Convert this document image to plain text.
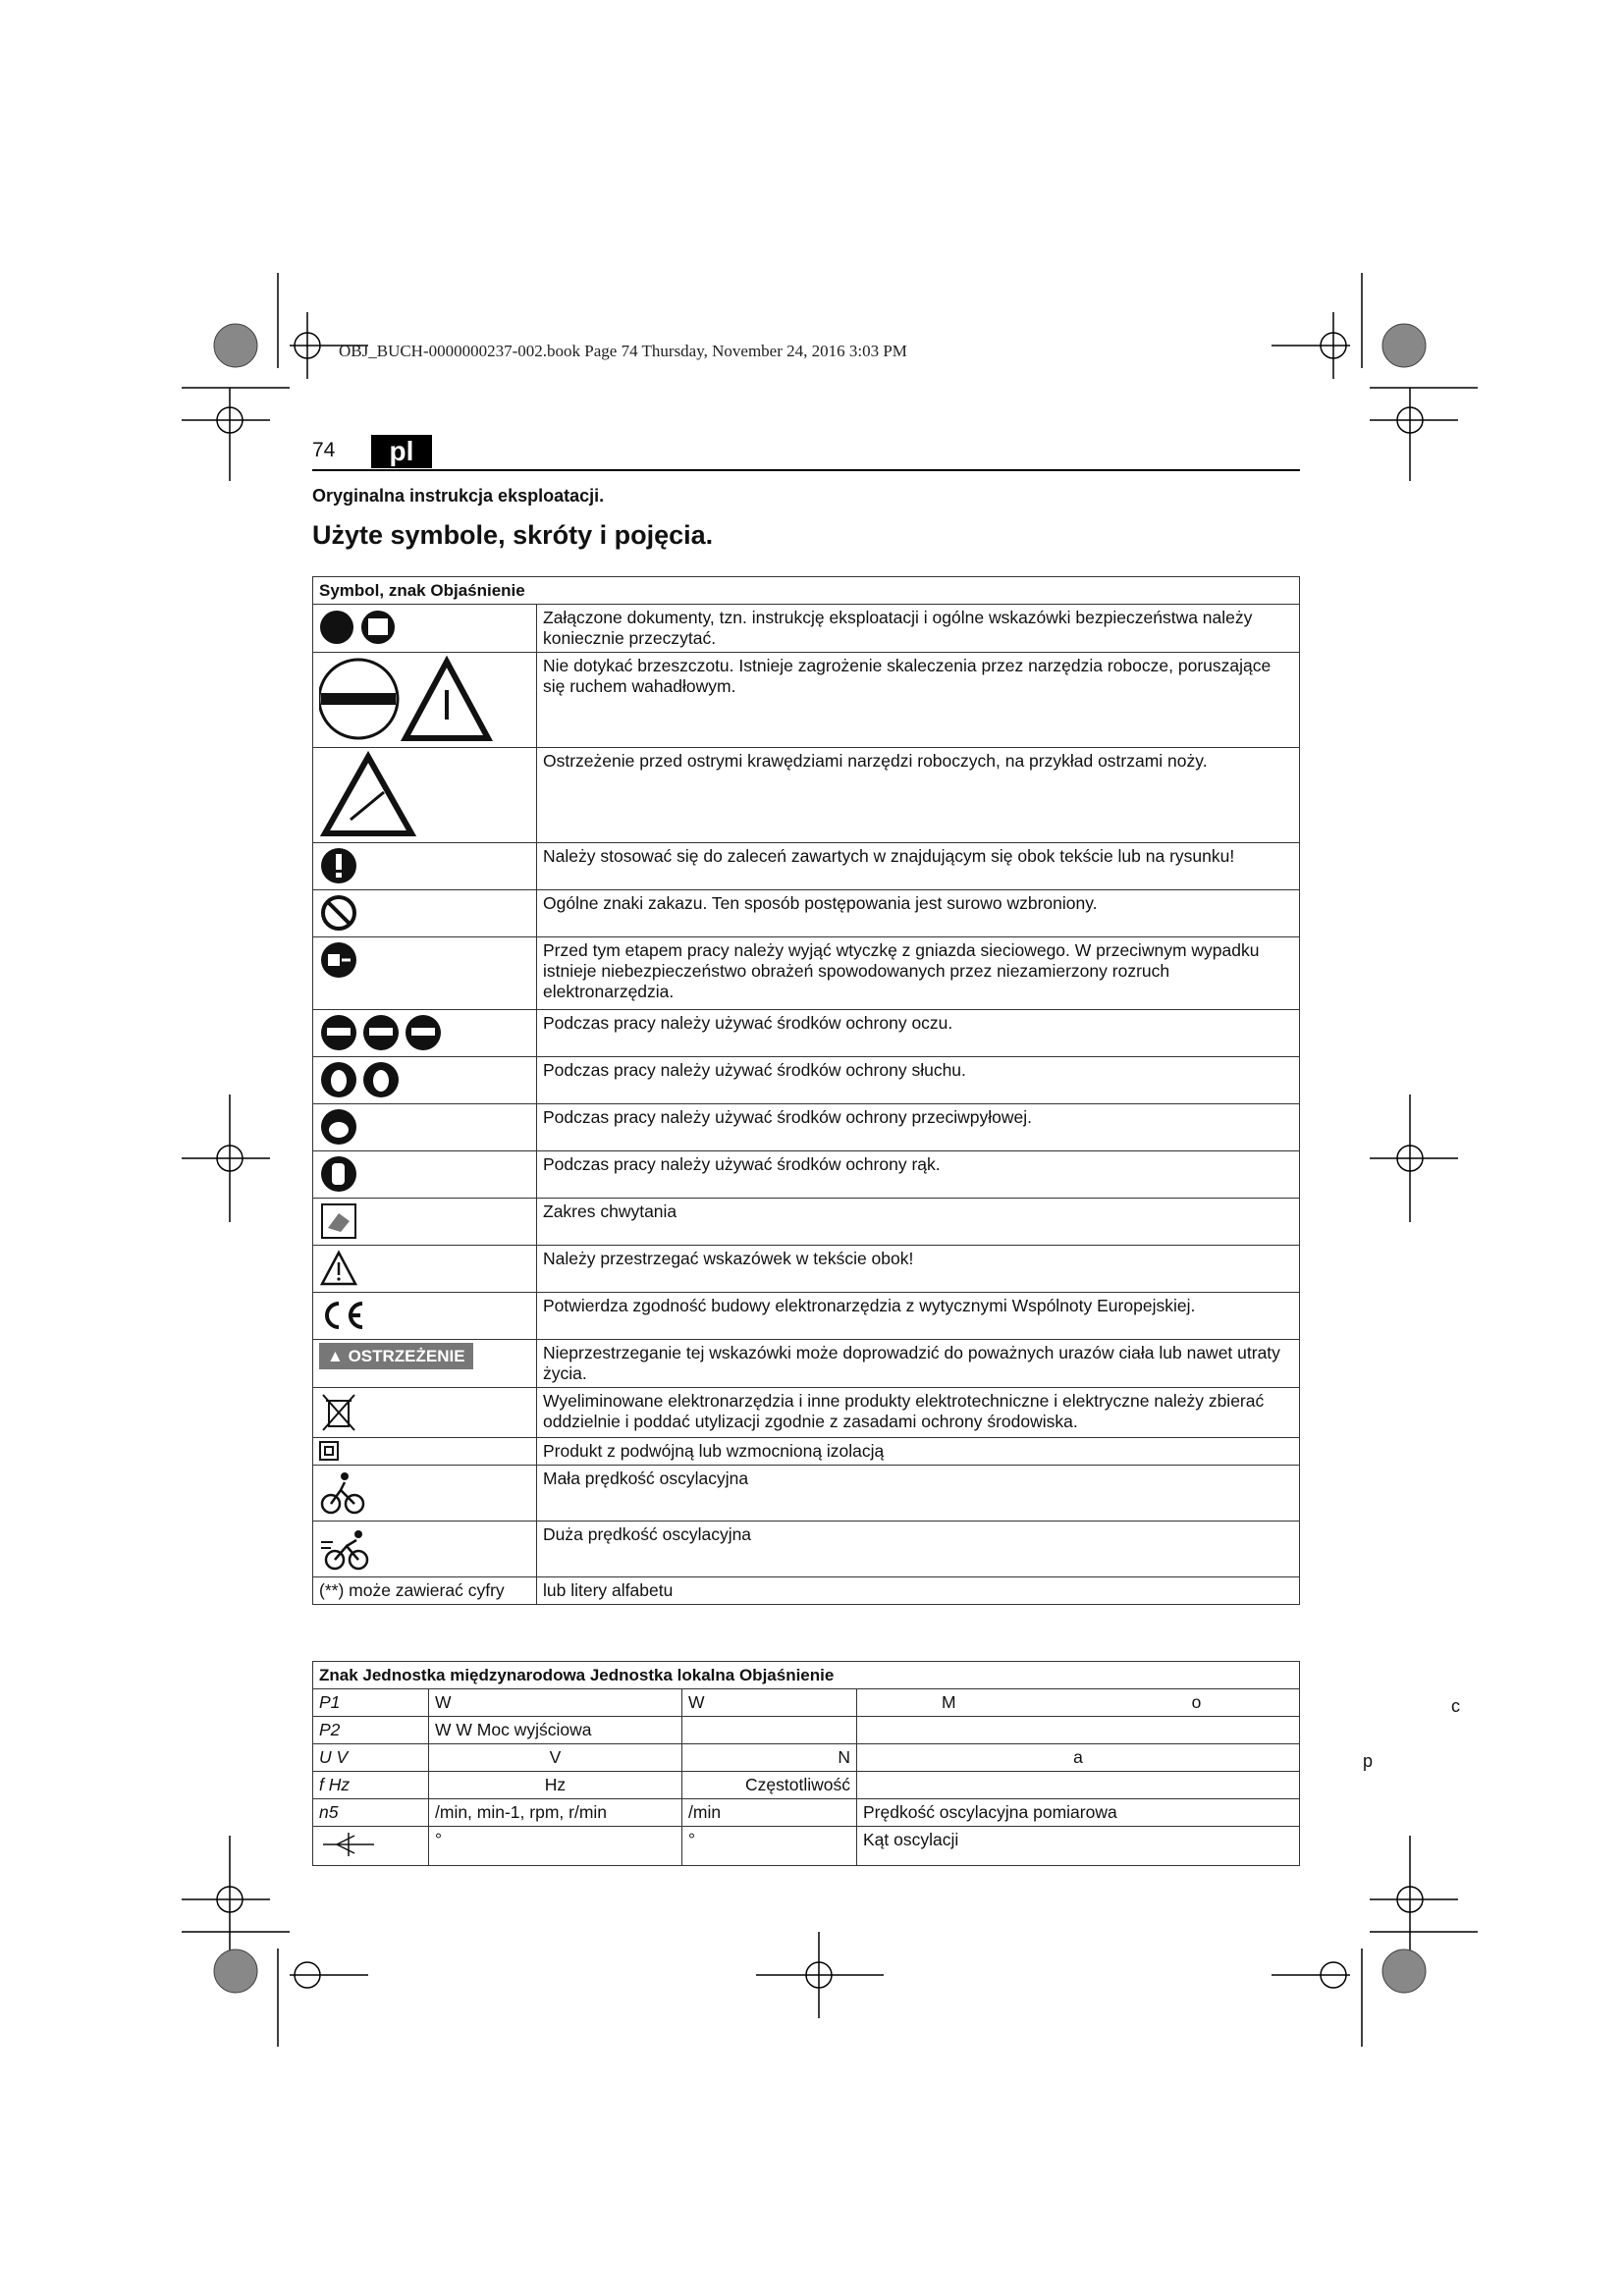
OBJ_BUCH-0000000237-002.book Page 74 Thursday, November 24, 2016 3:03 PM
74	pl
Oryginalna instrukcja eksploatacji.
Użyte symbole, skróty i pojęcia.
Symbol, znak Objaśnienie	
	Załączone dokumenty, tzn. instrukcję eksploatacji i ogólne wskazówki bezpieczeństwa należy koniecznie przeczytać.
	Nie dotykać brzeszczotu. Istnieje zagrożenie skaleczenia przez narzędzia robocze, poruszające się ruchem wahadłowym.
	Ostrzeżenie przed ostrymi krawędziami narzędzi roboczych, na przykład ostrzami noży.
	Należy stosować się do zaleceń zawartych w znajdującym się obok tekście lub na rysunku!
	Ogólne znaki zakazu. Ten sposób postępowania jest surowo wzbroniony.
	Przed tym etapem pracy należy wyjąć wtyczkę z gniazda sieciowego. W przeciwnym wypadku istnieje niebezpieczeństwo obrażeń spowodowanych przez niezamierzony rozruch elektronarzędzia.
	Podczas pracy należy używać środków ochrony oczu.
	Podczas pracy należy używać środków ochrony słuchu.
	Podczas pracy należy używać środków ochrony przeciwpyłowej.
	Podczas pracy należy używać środków ochrony rąk.
	Zakres chwytania
	Należy przestrzegać wskazówek w tekście obok!
	Potwierdza zgodność budowy elektronarzędzia z wytycznymi Wspólnoty Europejskiej.
▲ OSTRZEŻENIE	Nieprzestrzeganie tej wskazówki może doprowadzić do poważnych urazów ciała lub nawet utraty życia.
	Wyeliminowane elektronarzędzia i inne produkty elektrotechniczne i elektryczne należy zbierać oddzielnie i poddać utylizacji zgodnie z zasadami ochrony środowiska.
	Produkt z podwójną lub wzmocnioną izolacją
	Mała prędkość oscylacyjna
	Duża prędkość oscylacyjna
(**) może zawierać cyfry	lub litery alfabetu
Znak Jednostka międzynarodowa Jednostka lokalna Objaśnienie			
P1	W	W	M o
P2	W W Moc wyjściowa		
U V	V	N	a
f Hz	Hz	Częstotliwość	
n5	/min, min-1, rpm, r/min	/min	Prędkość oscylacyjna pomiarowa
	°	°	Kąt oscylacji
c
p
